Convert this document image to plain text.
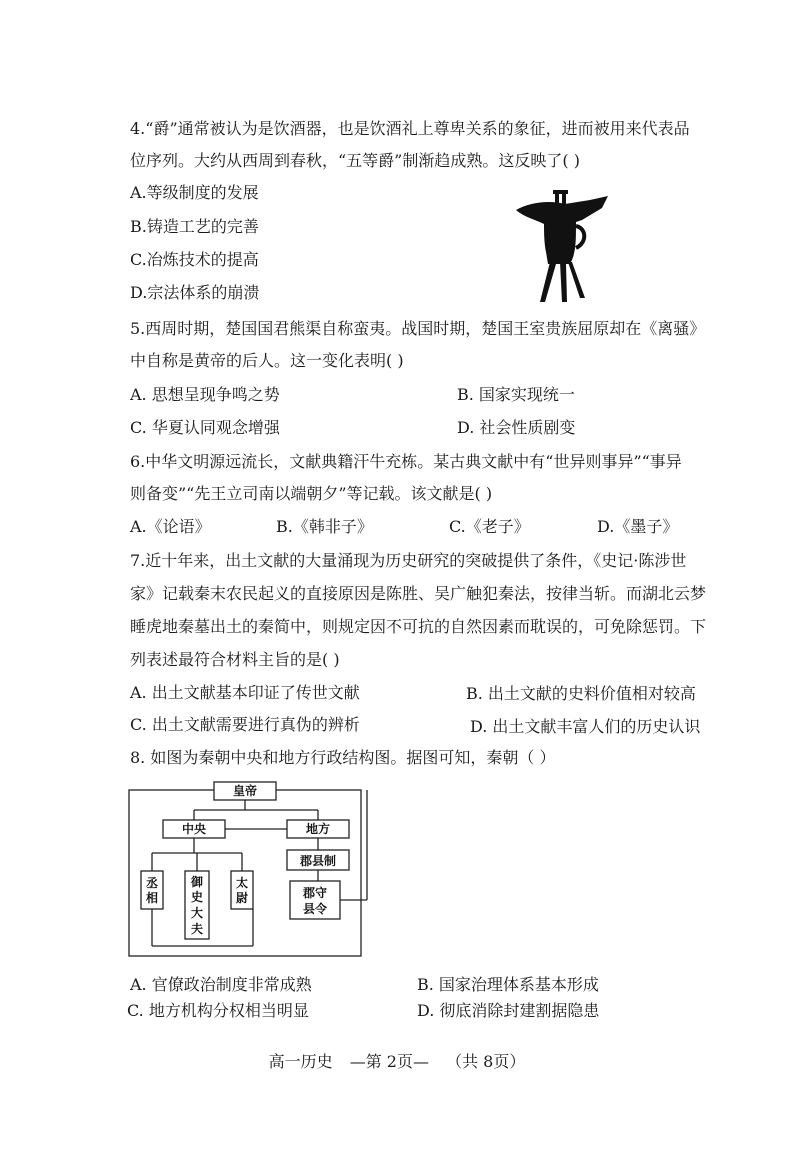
4.“爵”通常被认为是饮酒器，也是饮酒礼上尊卑关系的象征，进而被用来代表品
位序列。大约从西周到春秋，“五等爵”制渐趋成熟。这反映了( )
A.等级制度的发展
B.铸造工艺的完善
C.冶炼技术的提高
D.宗法体系的崩溃
5.西周时期，楚国国君熊渠自称蛮夷。战国时期，楚国王室贵族屈原却在《离骚》
中自称是黄帝的后人。这一变化表明( )
A. 思想呈现争鸣之势	B. 国家实现统一
C. 华夏认同观念增强	D. 社会性质剧变
6.中华文明源远流长，文献典籍汗牛充栋。某古典文献中有“世异则事异”“事异
则备变”“先王立司南以端朝夕”等记载。该文献是( )
A.《论语》	B.《韩非子》	C.《老子》	D.《墨子》
7.近十年来，出土文献的大量涌现为历史研究的突破提供了条件，《史记·陈涉世
家》记载秦末农民起义的直接原因是陈胜、吴广触犯秦法，按律当斩。而湖北云梦
睡虎地秦墓出土的秦简中，则规定因不可抗的自然因素而耽误的，可免除惩罚。下
列表述最符合材料主旨的是( )
A. 出土文献基本印证了传世文献	B. 出土文献的史料价值相对较高
C. 出土文献需要进行真伪的辨析	D. 出土文献丰富人们的历史认识
8. 如图为秦朝中央和地方行政结构图。据图可知，秦朝（ ）
皇帝
中央	地方
郡县制
郡守
县令
丞
相
御
史
大
夫
太
尉
A. 官僚政治制度非常成熟	B. 国家治理体系基本形成
C. 地方机构分权相当明显	D. 彻底消除封建割据隐患
高一历史 —第 2页— （共 8页）
